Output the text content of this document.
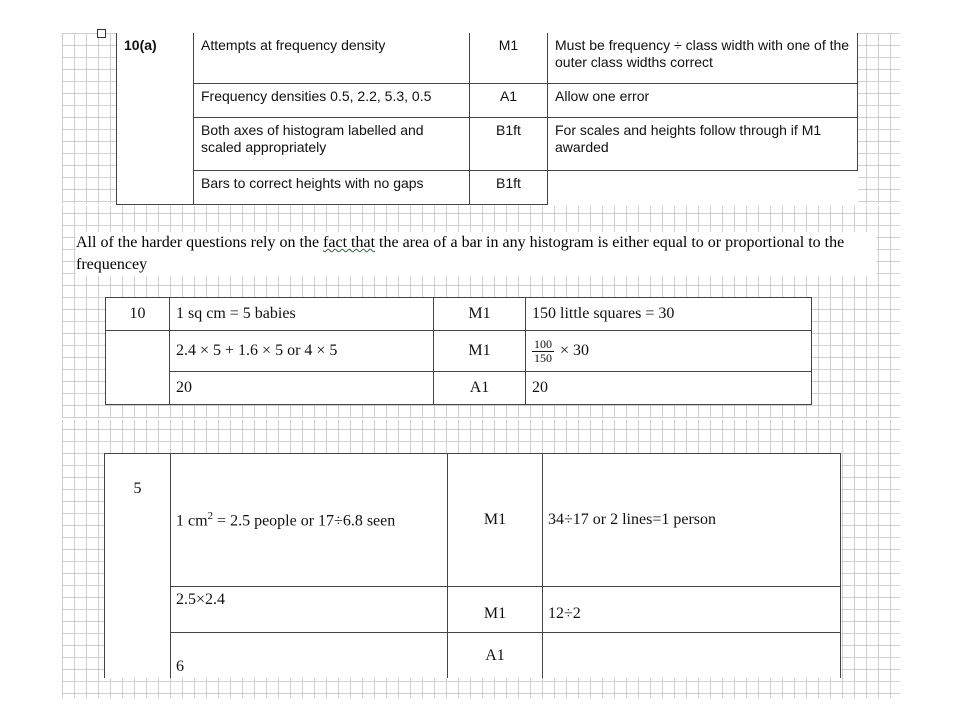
10(a)	Attempts at frequency density	M1	Must be frequency ÷ class width with one of the outer class widths correct
	Frequency densities 0.5, 2.2, 5.3, 0.5	A1	Allow one error
	Both axes of histogram labelled and scaled appropriately	B1ft	For scales and heights follow through if M1 awarded
	Bars to correct heights with no gaps	B1ft	
All of the harder questions rely on the fact that the area of a bar in any histogram is either equal to or proportional to the frequencey
10	1 sq cm = 5 babies	M1	150 little squares = 30
	2.4 × 5 + 1.6 × 5 or 4 × 5	M1	$\frac{100}{150} \times 30$
	20	A1	20
5	1 $cm^2 = 2.5$ people or 17÷6.8 seen	M1	34÷17 or 2 lines=1 person
	2.5×2.4	M1	12÷2
	6	A1	
